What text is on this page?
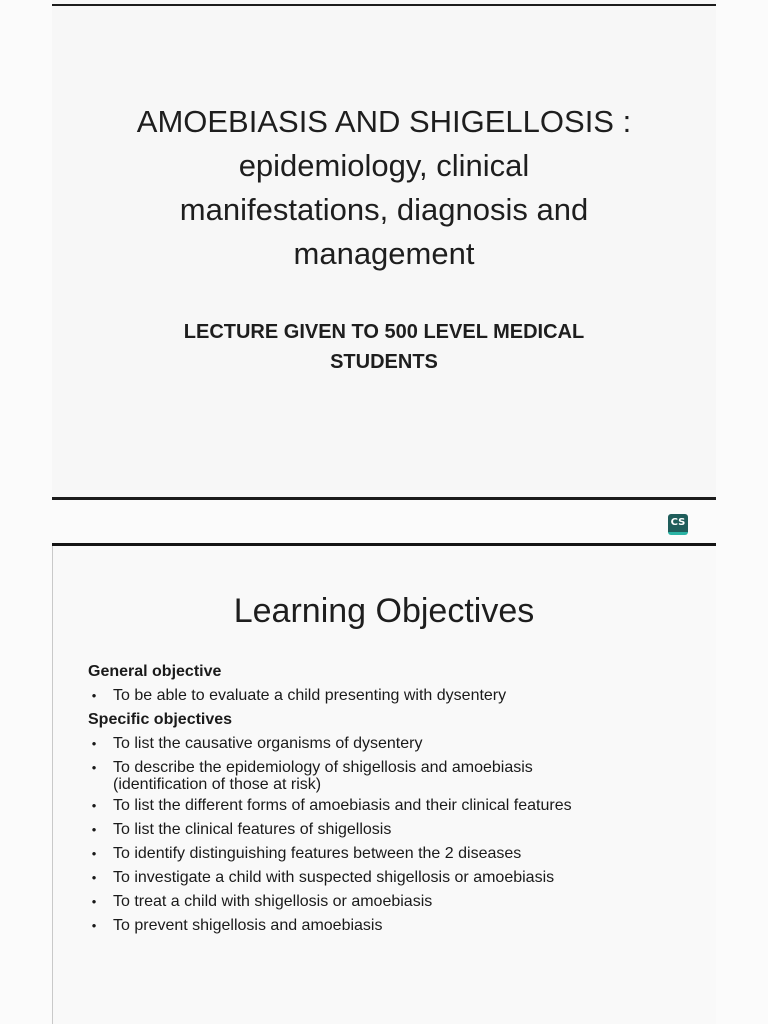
AMOEBIASIS AND SHIGELLOSIS :
epidemiology, clinical
manifestations, diagnosis and
management
LECTURE GIVEN TO 500 LEVEL MEDICAL
STUDENTS
CS
Learning Objectives
General objective
• To be able to evaluate a child presenting with dysentery
Specific objectives
• To list the causative organisms of dysentery
• To describe the epidemiology of shigellosis and amoebiasis
(identification of those at risk)
• To list the different forms of amoebiasis and their clinical features
• To list the clinical features of shigellosis
• To identify distinguishing features between the 2 diseases
• To investigate a child with suspected shigellosis or amoebiasis
• To treat a child with shigellosis or amoebiasis
• To prevent shigellosis and amoebiasis
